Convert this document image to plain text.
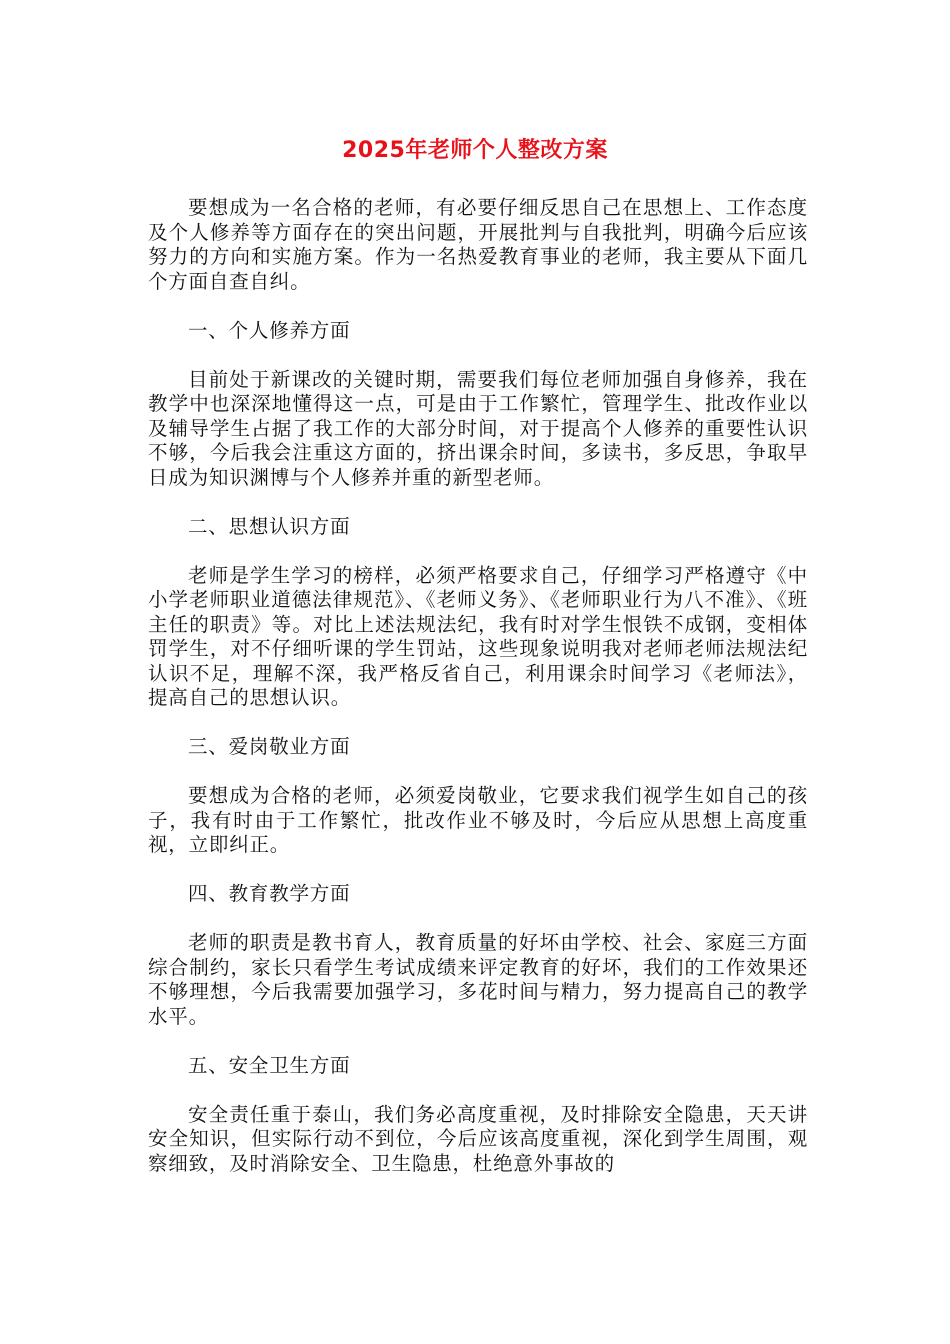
2025年老师个人整改方案

要想成为一名合格的老师，有必要仔细反思自己在思想上、工作态度及个人修养等方面存在的突出问题，开展批判与自我批判，明确今后应该努力的方向和实施方案。作为一名热爱教育事业的老师，我主要从下面几个方面自查自纠。

一、个人修养方面

目前处于新课改的关键时期，需要我们每位老师加强自身修养，我在教学中也深深地懂得这一点，可是由于工作繁忙，管理学生、批改作业以及辅导学生占据了我工作的大部分时间，对于提高个人修养的重要性认识不够，今后我会注重这方面的，挤出课余时间，多读书，多反思，争取早日成为知识渊博与个人修养并重的新型老师。

二、思想认识方面

老师是学生学习的榜样，必须严格要求自己，仔细学习严格遵守《中小学老师职业道德法律规范》、《老师义务》、《老师职业行为八不准》、《班主任的职责》等。对比上述法规法纪，我有时对学生恨铁不成钢，变相体罚学生，对不仔细听课的学生罚站，这些现象说明我对老师老师法规法纪认识不足，理解不深，我严格反省自己，利用课余时间学习《老师法》，提高自己的思想认识。

三、爱岗敬业方面

要想成为合格的老师，必须爱岗敬业，它要求我们视学生如自己的孩子，我有时由于工作繁忙，批改作业不够及时，今后应从思想上高度重视，立即纠正。

四、教育教学方面

老师的职责是教书育人，教育质量的好坏由学校、社会、家庭三方面综合制约，家长只看学生考试成绩来评定教育的好坏，我们的工作效果还不够理想，今后我需要加强学习，多花时间与精力，努力提高自己的教学水平。

五、安全卫生方面

安全责任重于泰山，我们务必高度重视，及时排除安全隐患，天天讲安全知识，但实际行动不到位，今后应该高度重视，深化到学生周围，观察细致，及时消除安全、卫生隐患，杜绝意外事故的
